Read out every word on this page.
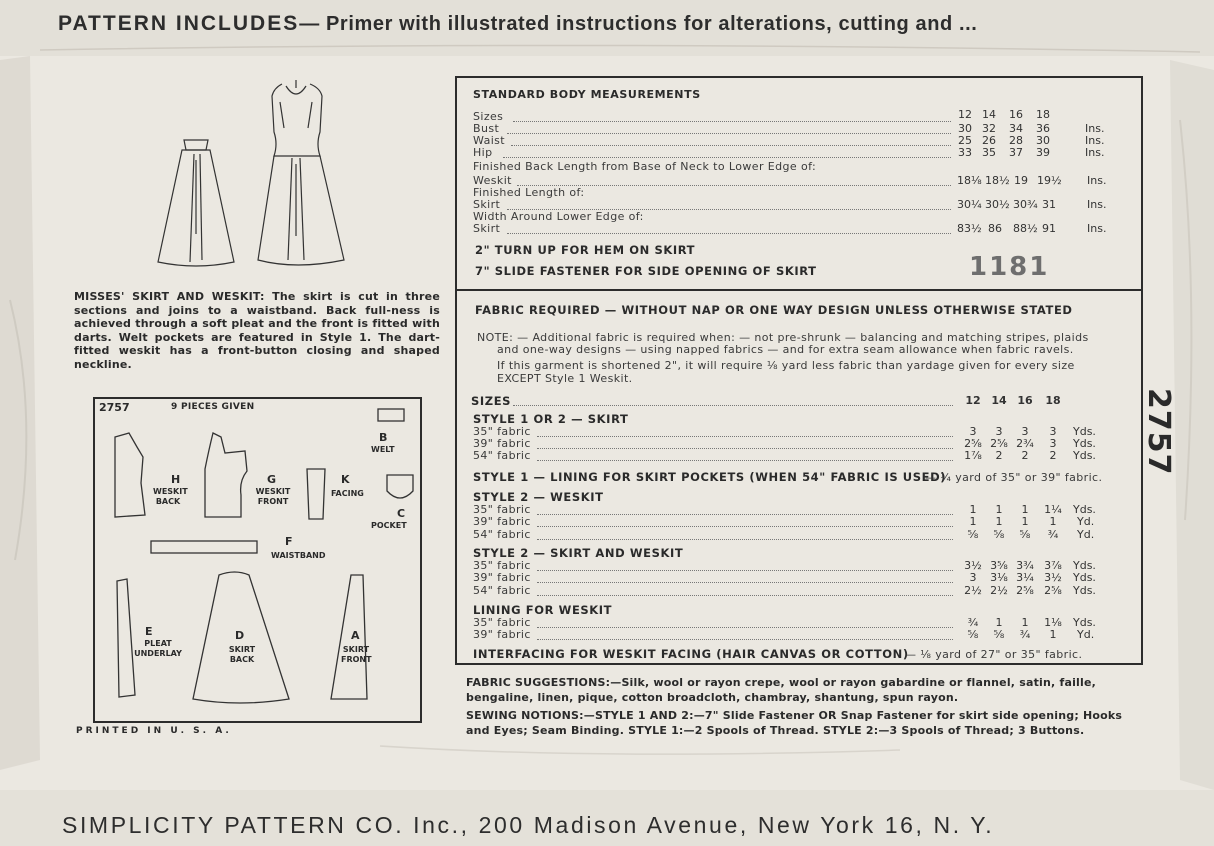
PATTERN INCLUDES— Primer with illustrated instructions for alterations, cutting and ...
MISSES' SKIRT AND WESKIT: The skirt is cut in three sections and joins to a waistband. Back full-ness is achieved through a soft pleat and the front is fitted with darts. Welt pockets are featured in Style 1. The dart-fitted weskit has a front-button closing and shaped neckline.
2757	9 PIECES GIVEN
B
WELT
C
POCKET
H
WESKIT BACK
G
WESKIT FRONT
K
FACING
F
WAISTBAND
E
PLEAT UNDERLAY
D
SKIRT BACK
A
SKIRT FRONT
PRINTED IN U. S. A.
2757
STANDARD BODY MEASUREMENTS
Sizes	12 14	16	18
Bust	30 32	34	36	Ins.
Waist	25 26	28	30	Ins.
Hip	33 35	37	39	Ins.
Finished Back Length from Base of Neck to Lower Edge of:
Weskit	18⅛ 18½ 19 19½ Ins.
Finished Length of:
Skirt	30¼ 30½ 30¾ 31	Ins.
Width Around Lower Edge of:
Skirt	83½ 86	88½ 91	Ins.
2" TURN UP FOR HEM ON SKIRT
7" SLIDE FASTENER FOR SIDE OPENING OF SKIRT	1181
FABRIC REQUIRED — WITHOUT NAP OR ONE WAY DESIGN UNLESS OTHERWISE STATED
NOTE: — Additional fabric is required when: — not pre-shrunk — balancing and matching stripes, plaids
and one-way designs — using napped fabrics — and for extra seam allowance when fabric ravels.
If this garment is shortened 2", it will require ⅛ yard less fabric than yardage given for every size
EXCEPT Style 1 Weskit.
SIZES	12 14 16	18
STYLE 1 OR 2 — SKIRT
35" fabric	3	3	3	3	Yds.
39" fabric	2⅝ 2⅝ 2¾	3	Yds.
54" fabric	1⅞	2	2	2	Yds.
STYLE 1 — LINING FOR SKIRT POCKETS (WHEN 54" FABRIC IS USED)
— ¼ yard of 35" or 39" fabric.
STYLE 2 — WESKIT
35" fabric	1	1	1	1¼ Yds.
39" fabric	1	1	1	1	Yd.
54" fabric	⅝	⅝	⅝	¾	Yd.
STYLE 2 — SKIRT AND WESKIT
35" fabric	3½ 3⅝ 3¾ 3⅞ Yds.
39" fabric	3	3⅛ 3¼ 3½ Yds.
54" fabric	2½ 2½ 2⅝ 2⅝ Yds.
LINING FOR WESKIT
35" fabric	¾	1	1	1⅛ Yds.
39" fabric	⅝	⅝	¾	1	Yd.
INTERFACING FOR WESKIT FACING (HAIR CANVAS OR COTTON)
— ⅛ yard of 27" or 35" fabric.
FABRIC SUGGESTIONS:—Silk, wool or rayon crepe, wool or rayon gabardine or flannel, satin, faille, bengaline, linen, pique, cotton broadcloth, chambray, shantung, spun rayon.
SEWING NOTIONS:—STYLE 1 AND 2:—7" Slide Fastener OR Snap Fastener for skirt side opening; Hooks and Eyes; Seam Binding. STYLE 1:—2 Spools of Thread. STYLE 2:—3 Spools of Thread; 3 Buttons.
SIMPLICITY PATTERN CO. Inc., 200 Madison Avenue, New York 16, N. Y.
